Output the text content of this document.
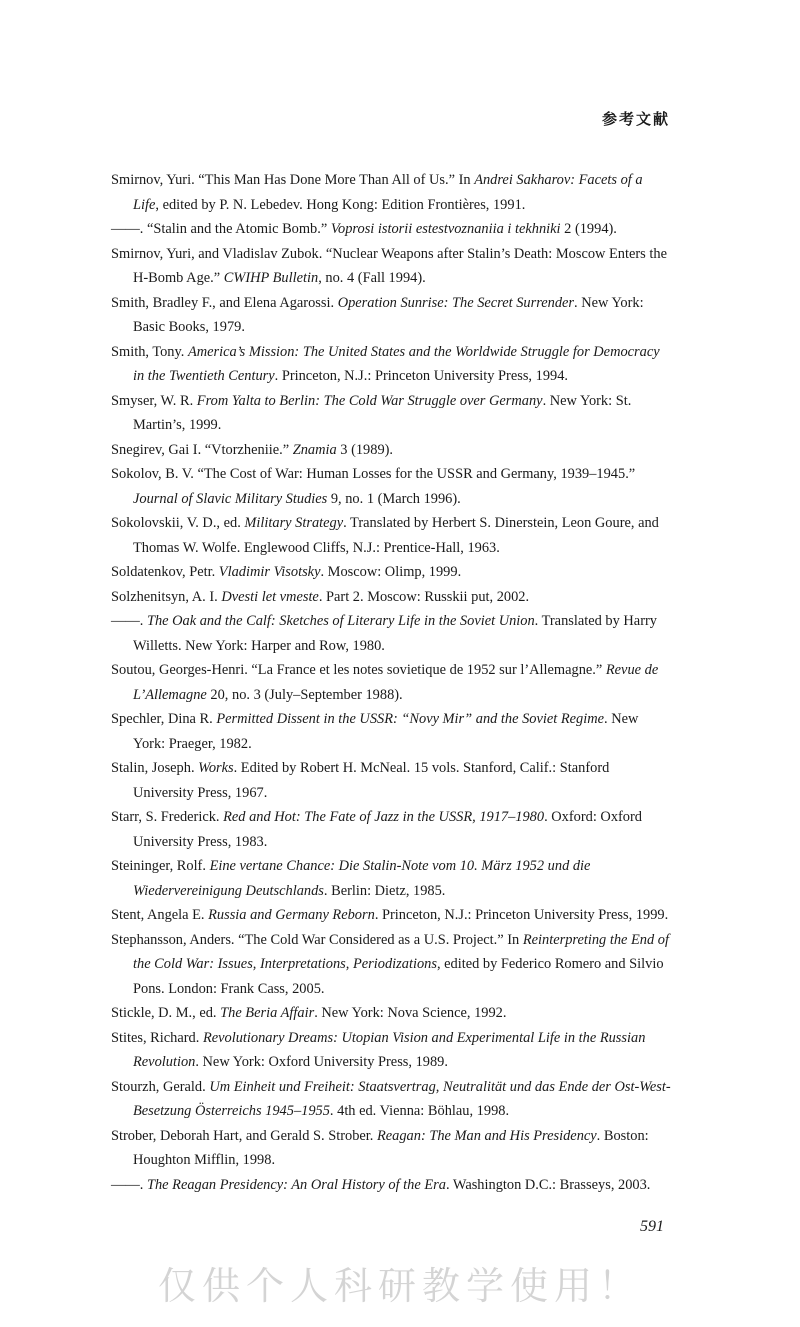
参考文献

Smirnov, Yuri. “This Man Has Done More Than All of Us.” In Andrei Sakharov: Facets of a Life, edited by P. N. Lebedev. Hong Kong: Edition Frontières, 1991.

——. “Stalin and the Atomic Bomb.” Voprosi istorii estestvoznaniia i tekhniki 2 (1994).

Smirnov, Yuri, and Vladislav Zubok. “Nuclear Weapons after Stalin’s Death: Moscow Enters the H-Bomb Age.” CWIHP Bulletin, no. 4 (Fall 1994).

Smith, Bradley F., and Elena Agarossi. Operation Sunrise: The Secret Surrender. New York: Basic Books, 1979.

Smith, Tony. America’s Mission: The United States and the Worldwide Struggle for Democracy in the Twentieth Century. Princeton, N.J.: Princeton University Press, 1994.

Smyser, W. R. From Yalta to Berlin: The Cold War Struggle over Germany. New York: St. Martin’s, 1999.

Snegirev, Gai I. “Vtorzheniie.” Znamia 3 (1989).

Sokolov, B. V. “The Cost of War: Human Losses for the USSR and Germany, 1939–1945.” Journal of Slavic Military Studies 9, no. 1 (March 1996).

Sokolovskii, V. D., ed. Military Strategy. Translated by Herbert S. Dinerstein, Leon Goure, and Thomas W. Wolfe. Englewood Cliffs, N.J.: Prentice-Hall, 1963.

Soldatenkov, Petr. Vladimir Visotsky. Moscow: Olimp, 1999.

Solzhenitsyn, A. I. Dvesti let vmeste. Part 2. Moscow: Russkii put, 2002.

——. The Oak and the Calf: Sketches of Literary Life in the Soviet Union. Translated by Harry Willetts. New York: Harper and Row, 1980.

Soutou, Georges-Henri. “La France et les notes sovietique de 1952 sur l’Allemagne.” Revue de L’Allemagne 20, no. 3 (July–September 1988).

Spechler, Dina R. Permitted Dissent in the USSR: “Novy Mir” and the Soviet Regime. New York: Praeger, 1982.

Stalin, Joseph. Works. Edited by Robert H. McNeal. 15 vols. Stanford, Calif.: Stanford University Press, 1967.

Starr, S. Frederick. Red and Hot: The Fate of Jazz in the USSR, 1917–1980. Oxford: Oxford University Press, 1983.

Steininger, Rolf. Eine vertane Chance: Die Stalin-Note vom 10. März 1952 und die Wiedervereinigung Deutschlands. Berlin: Dietz, 1985.

Stent, Angela E. Russia and Germany Reborn. Princeton, N.J.: Princeton University Press, 1999.

Stephansson, Anders. “The Cold War Considered as a U.S. Project.” In Reinterpreting the End of the Cold War: Issues, Interpretations, Periodizations, edited by Federico Romero and Silvio Pons. London: Frank Cass, 2005.

Stickle, D. M., ed. The Beria Affair. New York: Nova Science, 1992.

Stites, Richard. Revolutionary Dreams: Utopian Vision and Experimental Life in the Russian Revolution. New York: Oxford University Press, 1989.

Stourzh, Gerald. Um Einheit und Freiheit: Staatsvertrag, Neutralität und das Ende der Ost-West-Besetzung Österreichs 1945–1955. 4th ed. Vienna: Böhlau, 1998.

Strober, Deborah Hart, and Gerald S. Strober. Reagan: The Man and His Presidency. Boston: Houghton Mifflin, 1998.

——. The Reagan Presidency: An Oral History of the Era. Washington D.C.: Brasseys, 2003.

591
仅供个人科研教学使用！
